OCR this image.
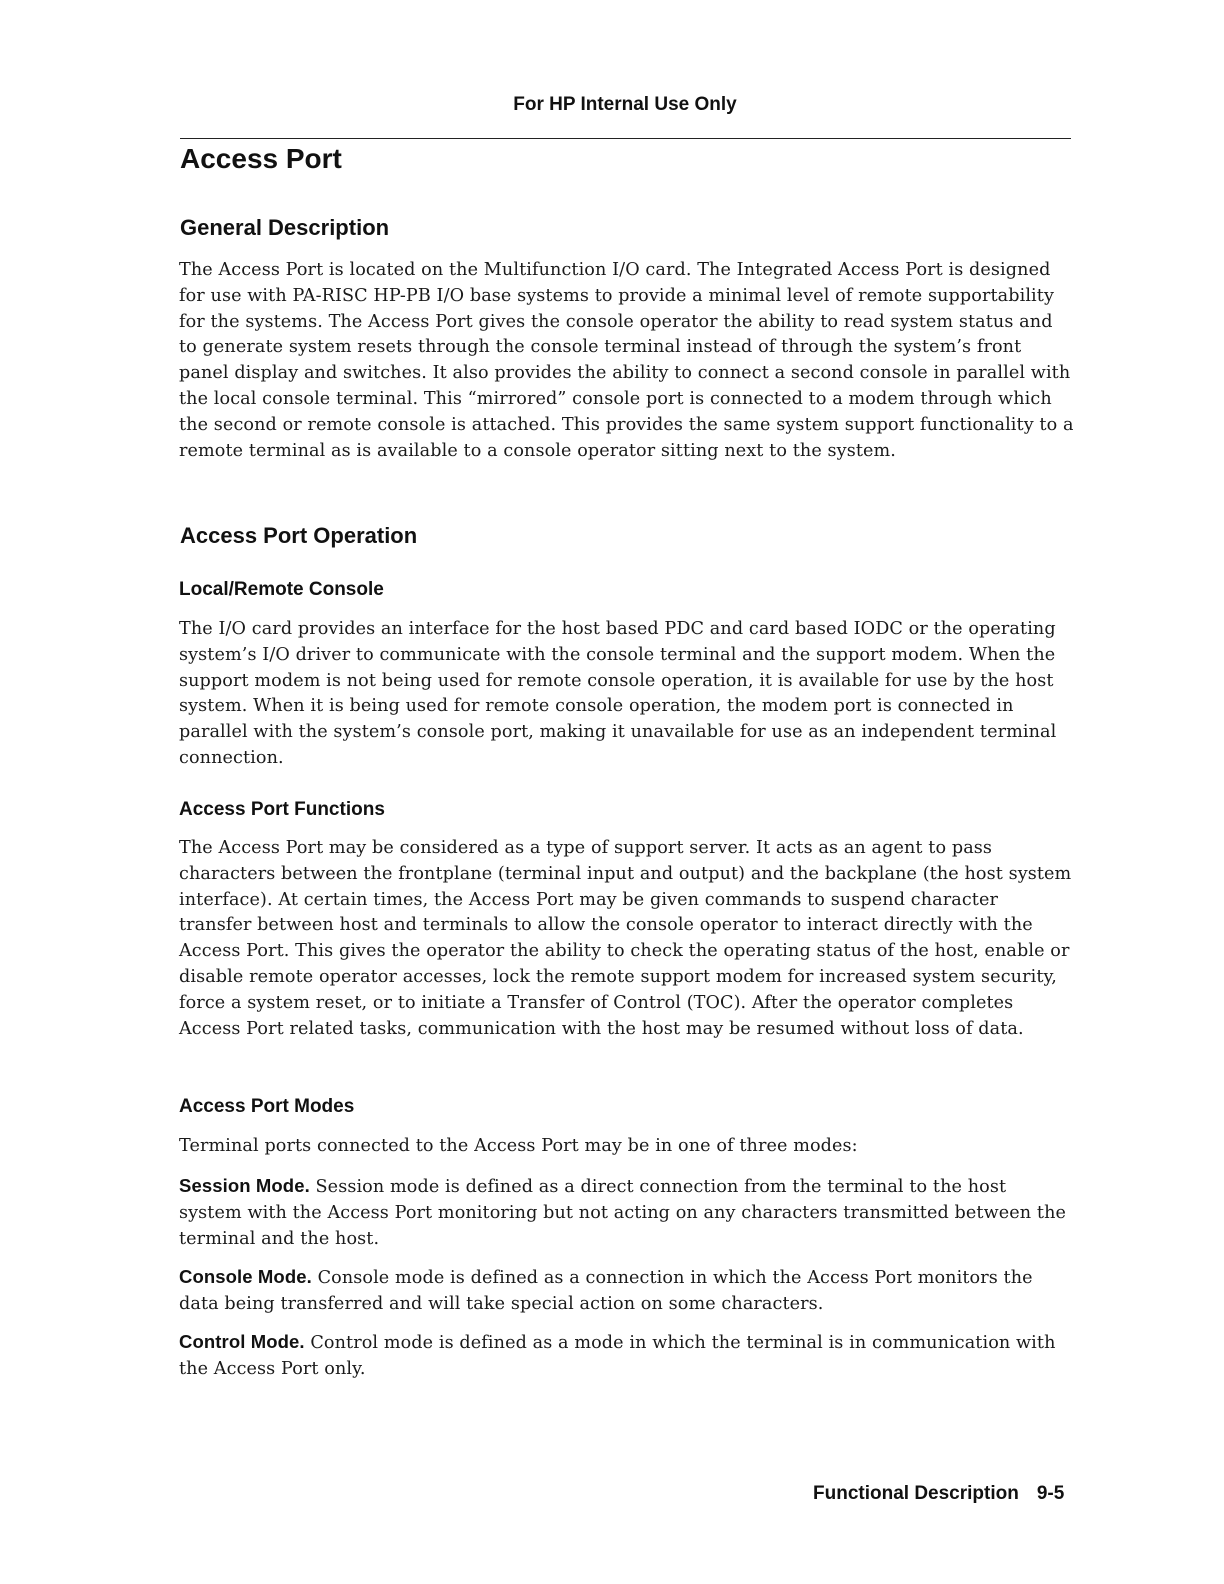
For HP Internal Use Only
Access Port
General Description

The Access Port is located on the Multifunction I/O card. The Integrated Access Port is designed for use with PA-RISC HP-PB I/O base systems to provide a minimal level of remote supportability for the systems. The Access Port gives the console operator the ability to read system status and to generate system resets through the console terminal instead of through the system’s front panel display and switches. It also provides the ability to connect a second console in parallel with the local console terminal. This “mirrored” console port is connected to a modem through which the second or remote console is attached. This provides the same system support functionality to a remote terminal as is available to a console operator sitting next to the system.

Access Port Operation
Local/Remote Console

The I/O card provides an interface for the host based PDC and card based IODC or the operating system’s I/O driver to communicate with the console terminal and the support modem. When the support modem is not being used for remote console operation, it is available for use by the host system. When it is being used for remote console operation, the modem port is connected in parallel with the system’s console port, making it unavailable for use as an independent terminal connection.

Access Port Functions

The Access Port may be considered as a type of support server. It acts as an agent to pass characters between the frontplane (terminal input and output) and the backplane (the host system interface). At certain times, the Access Port may be given commands to suspend character transfer between host and terminals to allow the console operator to interact directly with the Access Port. This gives the operator the ability to check the operating status of the host, enable or disable remote operator accesses, lock the remote support modem for increased system security, force a system reset, or to initiate a Transfer of Control (TOC). After the operator completes Access Port related tasks, communication with the host may be resumed without loss of data.

Access Port Modes

Terminal ports connected to the Access Port may be in one of three modes:

Session Mode. Session mode is defined as a direct connection from the terminal to the host system with the Access Port monitoring but not acting on any characters transmitted between the terminal and the host.

Console Mode. Console mode is defined as a connection in which the Access Port monitors the data being transferred and will take special action on some characters.

Control Mode. Control mode is defined as a mode in which the terminal is in communication with the Access Port only.

Functional Description 9-5
